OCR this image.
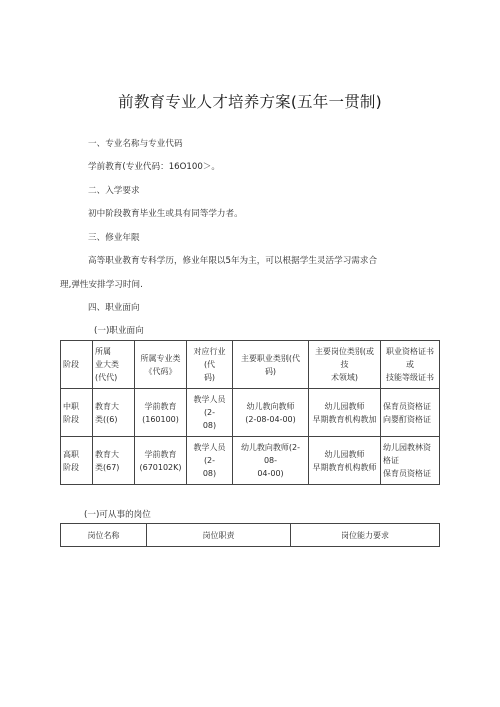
前教育专业人才培养方案(五年一贯制)
一、专业名称与专业代码
学前教育(专业代码：16O100＞。
二、入学要求
初中阶段教育毕业生或具有同等学力者。
三、修业年限
高等职业教育专科学历，修业年限以5年为主，可以根据学生灵活学习需求合
理,弹性安排学习时间.
四、职业面向
(一)职业面向
阶段	所属
业大类
(代代)	所属专业类
《代码》	对应行业(代
码)	主要职业类别(代
码)	主要岗位类别(或技
术领域)	职业资格证书或
技能等级证书

中职
阶段	教育大
类((6)	学前教育
(160100)	教学人员(2-
08)	幼儿教向教师
(2-08-04-00)	幼儿园教师
早期教育机构教加	保育员资格证
向婴酊资格证

高职
阶段	教育大
类(67)	学前教育
(670102K)	教学人员(2-
08)	幼儿教向教师(2-08-
04-00)	幼儿园教师
早期教育机构教师	幼儿园教林资
格证
保育员资格证
(一)可从事的岗位
岗位名称	岗位职责	岗位能力要求
